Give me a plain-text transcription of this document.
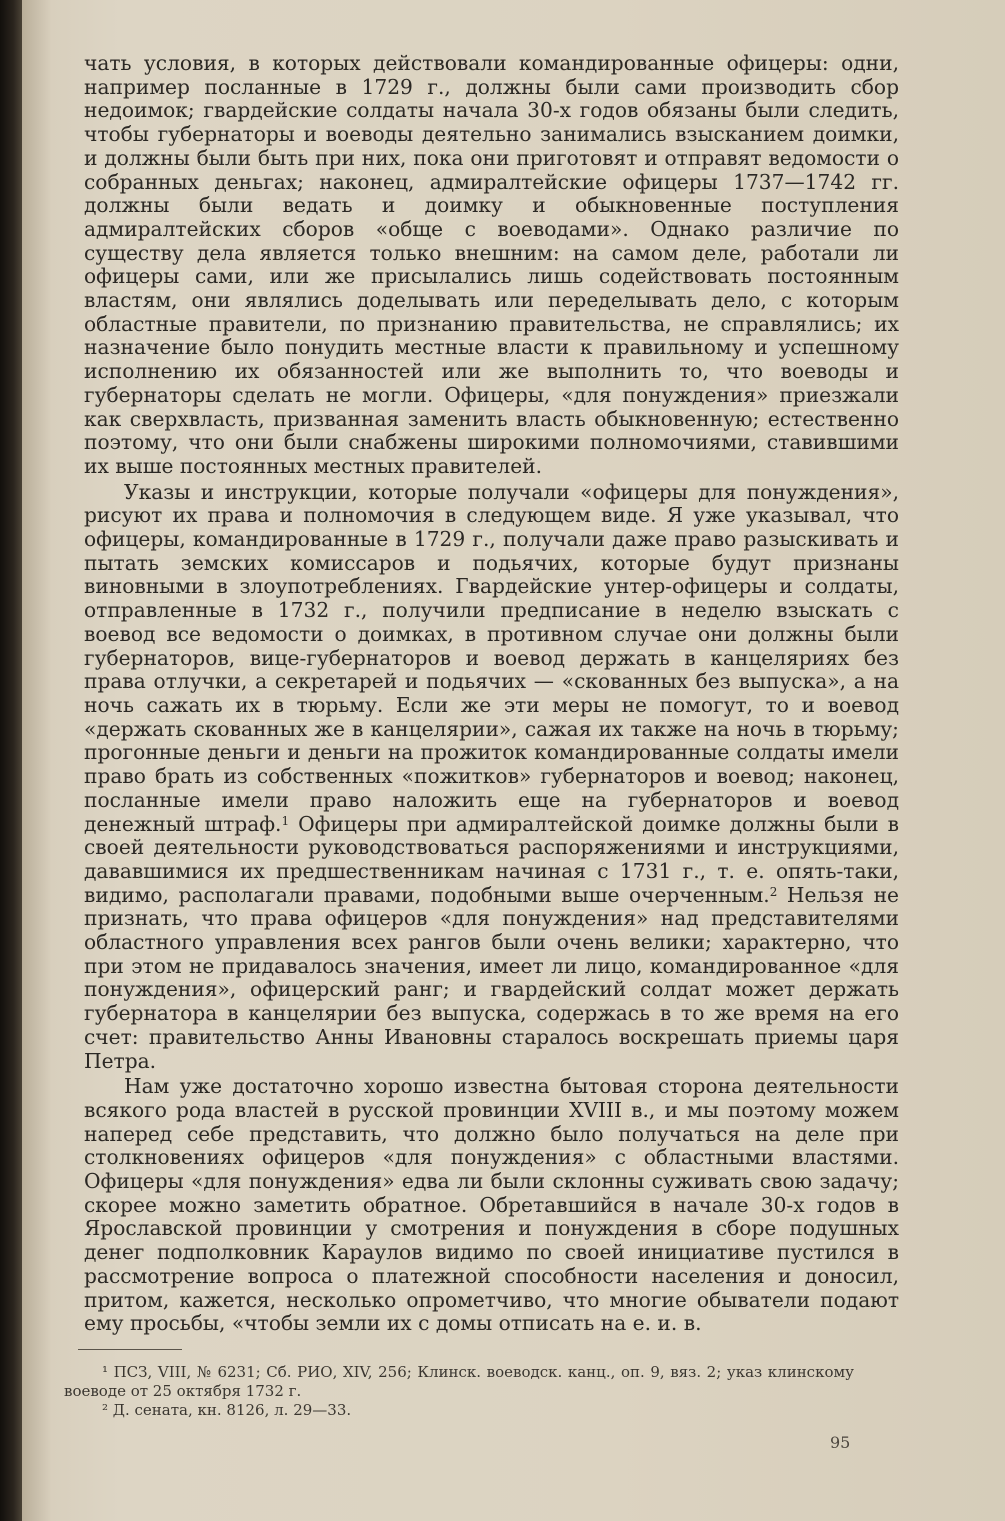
чать условия, в которых действовали командированные офицеры: одни, например посланные в 1729 г., должны были сами производить сбор недоимок; гвардейские солдаты начала 30-х годов обязаны были следить, чтобы губернаторы и воеводы деятельно занимались взысканием доимки, и должны были быть при них, пока они приготовят и отправят ведомости о собранных деньгах; наконец, адмиралтейские офицеры 1737—1742 гг. должны были ведать и доимку и обыкновенные поступления адмиралтейских сборов «обще с воеводами». Однако различие по существу дела является только внешним: на самом деле, работали ли офицеры сами, или же присылались лишь содействовать постоянным властям, они являлись доделывать или переделывать дело, с которым областные правители, по признанию правительства, не справлялись; их назначение было понудить местные власти к правильному и успешному исполнению их обязанностей или же выполнить то, что воеводы и губернаторы сделать не могли. Офицеры, «для понуждения» приезжали как сверхвласть, призванная заменить власть обыкновенную; естественно поэтому, что они были снабжены широкими полномочиями, ставившими их выше постоянных местных правителей.

Указы и инструкции, которые получали «офицеры для понуждения», рисуют их права и полномочия в следующем виде. Я уже указывал, что офицеры, командированные в 1729 г., получали даже право разыскивать и пытать земских комиссаров и подьячих, которые будут признаны виновными в злоупотреблениях. Гвардейские унтер-офицеры и солдаты, отправленные в 1732 г., получили предписание в неделю взыскать с воевод все ведомости о доимках, в противном случае они должны были губернаторов, вице-губернаторов и воевод держать в канцеляриях без права отлучки, а секретарей и подьячих — «скованных без выпуска», а на ночь сажать их в тюрьму. Если же эти меры не помогут, то и воевод «держать скованных же в канцелярии», сажая их также на ночь в тюрьму; прогонные деньги и деньги на прожиток командированные солдаты имели право брать из собственных «пожитков» губернаторов и воевод; наконец, посланные имели право наложить еще на губернаторов и воевод денежный штраф.$^1$ Офицеры при адмиралтейской доимке должны были в своей деятельности руководствоваться распоряжениями и инструкциями, дававшимися их предшественникам начиная с 1731 г., т. е. опять-таки, видимо, располагали правами, подобными выше очерченным.$^2$ Нельзя не признать, что права офицеров «для понуждения» над представителями областного управления всех рангов были очень велики; характерно, что при этом не придавалось значения, имеет ли лицо, командированное «для понуждения», офицерский ранг; и гвардейский солдат может держать губернатора в канцелярии без выпуска, содержась в то же время на его счет: правительство Анны Ивановны старалось воскрешать приемы царя Петра.

Нам уже достаточно хорошо известна бытовая сторона деятельности всякого рода властей в русской провинции XVIII в., и мы поэтому можем наперед себе представить, что должно было получаться на деле при столкновениях офицеров «для понуждения» с областными властями. Офицеры «для понуждения» едва ли были склонны суживать свою задачу; скорее можно заметить обратное. Обретавшийся в начале 30-х годов в Ярославской провинции у смотрения и понуждения в сборе подушных денег подполковник Караулов видимо по своей инициативе пустился в рассмотрение вопроса о платежной способности населения и доносил, притом, кажется, несколько опрометчиво, что многие обыватели подают ему просьбы, «чтобы земли их с домы отписать на е. и. в.

¹ ПСЗ, VIII, № 6231; Сб. РИО, XIV, 256; Клинск. воеводск. канц., оп. 9, вяз. 2; указ клинскому воеводе от 25 октября 1732 г.

² Д. сената, кн. 8126, л. 29—33.

95
